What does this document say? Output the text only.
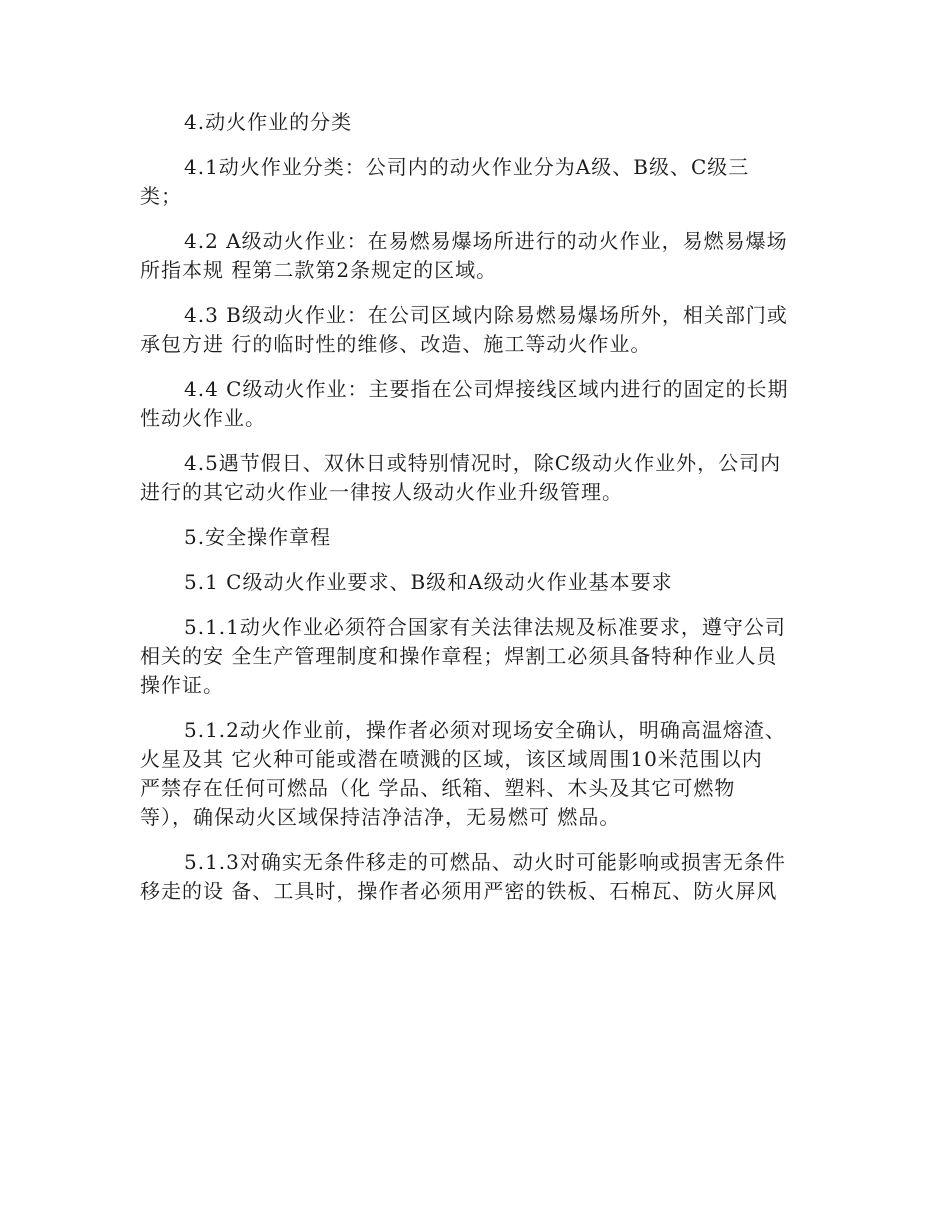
4.动火作业的分类
4.1动火作业分类：公司内的动火作业分为A级、B级、C级三
类；
4.2 A级动火作业：在易燃易爆场所进行的动火作业，易燃易爆场
所指本规 程第二款第2条规定的区域。
4.3 B级动火作业：在公司区域内除易燃易爆场所外，相关部门或
承包方进 行的临时性的维修、改造、施工等动火作业。
4.4 C级动火作业：主要指在公司焊接线区域内进行的固定的长期
性动火作业。
4.5遇节假日、双休日或特别情况时，除C级动火作业外，公司内
进行的其它动火作业一律按人级动火作业升级管理。
5.安全操作章程
5.1 C级动火作业要求、B级和A级动火作业基本要求
5.1.1动火作业必须符合国家有关法律法规及标准要求，遵守公司
相关的安 全生产管理制度和操作章程；焊割工必须具备特种作业人员
操作证。
5.1.2动火作业前，操作者必须对现场安全确认，明确高温熔渣、
火星及其 它火种可能或潜在喷溅的区域，该区域周围10米范围以内
严禁存在任何可燃品（化 学品、纸箱、塑料、木头及其它可燃物
等），确保动火区域保持洁净洁净，无易燃可 燃品。
5.1.3对确实无条件移走的可燃品、动火时可能影响或损害无条件
移走的设 备、工具时，操作者必须用严密的铁板、石棉瓦、防火屏风
